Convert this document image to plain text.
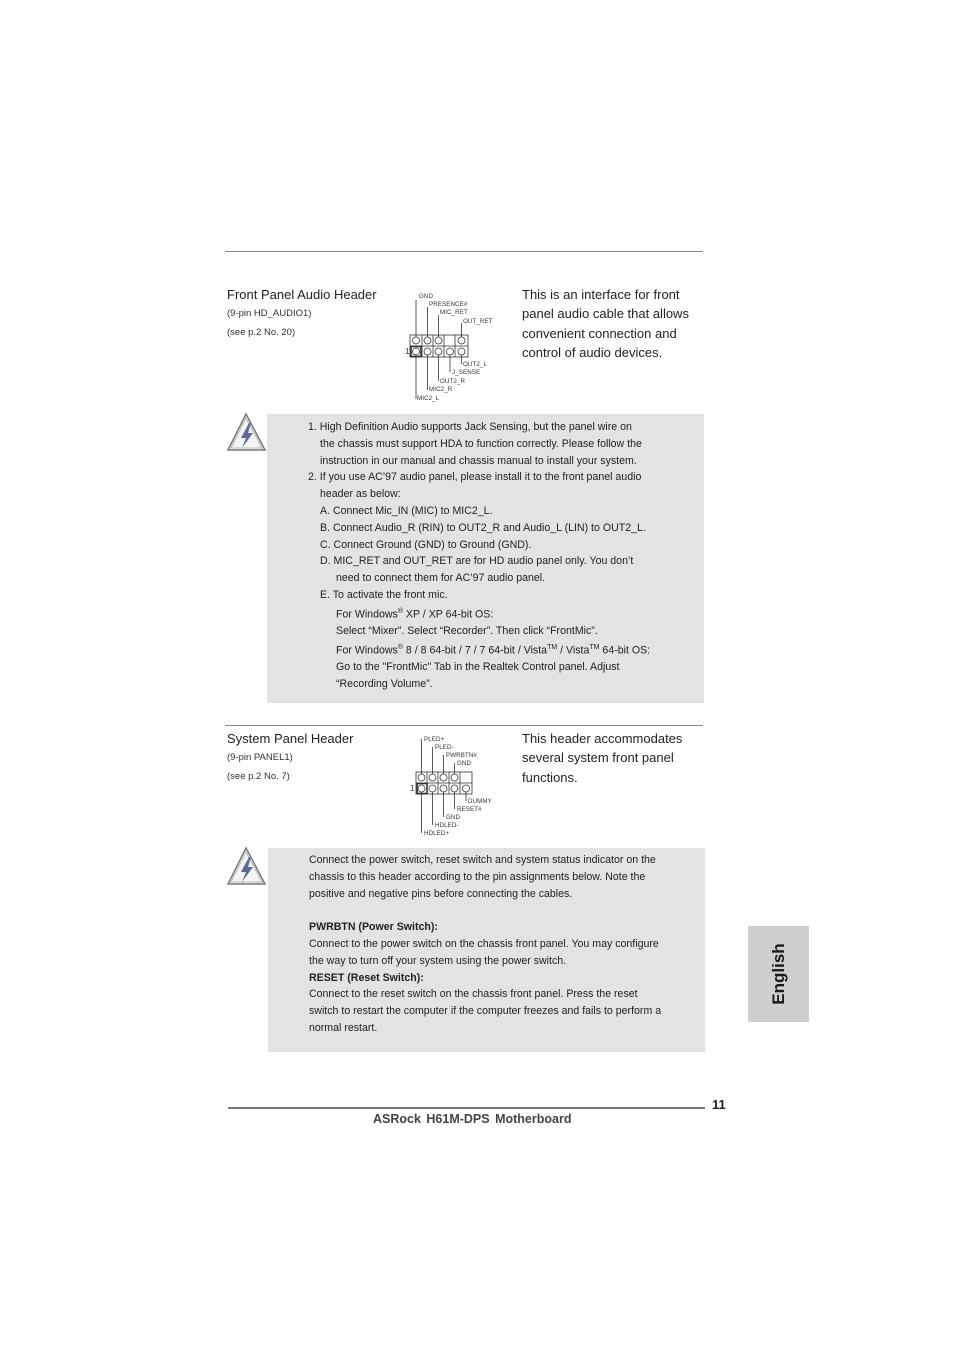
Front Panel Audio Header
(9-pin HD_AUDIO1)
(see p.2 No. 20)
This is an interface for front panel audio cable that allows convenient connection and control of audio devices.
GND
PRESENCE#
MIC_RET
OUT_RET
1
OUT2_L
J_SENSE
OUT2_R
MIC2_R
MIC2_L
1. High Definition Audio supports Jack Sensing, but the panel wire on
the chassis must support HDA to function correctly. Please follow the
instruction in our manual and chassis manual to install your system.
2. If you use AC’97 audio panel, please install it to the front panel audio
header as below:
A. Connect Mic_IN (MIC) to MIC2_L.
B. Connect Audio_R (RIN) to OUT2_R and Audio_L (LIN) to OUT2_L.
C. Connect Ground (GND) to Ground (GND).
D. MIC_RET and OUT_RET are for HD audio panel only. You don’t
need to connect them for AC’97 audio panel.
E. To activate the front mic.
For Windows® XP / XP 64-bit OS:
Select “Mixer”. Select “Recorder”. Then click “FrontMic”.
For Windows® 8 / 8 64-bit / 7 / 7 64-bit / Vista™ / Vista™ 64-bit OS:
Go to the "FrontMic" Tab in the Realtek Control panel. Adjust
“Recording Volume”.
System Panel Header
(9-pin PANEL1)
(see p.2 No. 7)
This header accommodates several system front panel functions.
PLED+
PLED-
PWRBTN#
GND
1
DUMMY
RESET#
GND
HDLED-
HDLED+
Connect the power switch, reset switch and system status indicator on the
chassis to this header according to the pin assignments below. Note the
positive and negative pins before connecting the cables.
PWRBTN (Power Switch):
Connect to the power switch on the chassis front panel. You may configure
the way to turn off your system using the power switch.
RESET (Reset Switch):
Connect to the reset switch on the chassis front panel. Press the reset
switch to restart the computer if the computer freezes and fails to perform a
normal restart.
English
11
ASRock H61M-DPS Motherboard
